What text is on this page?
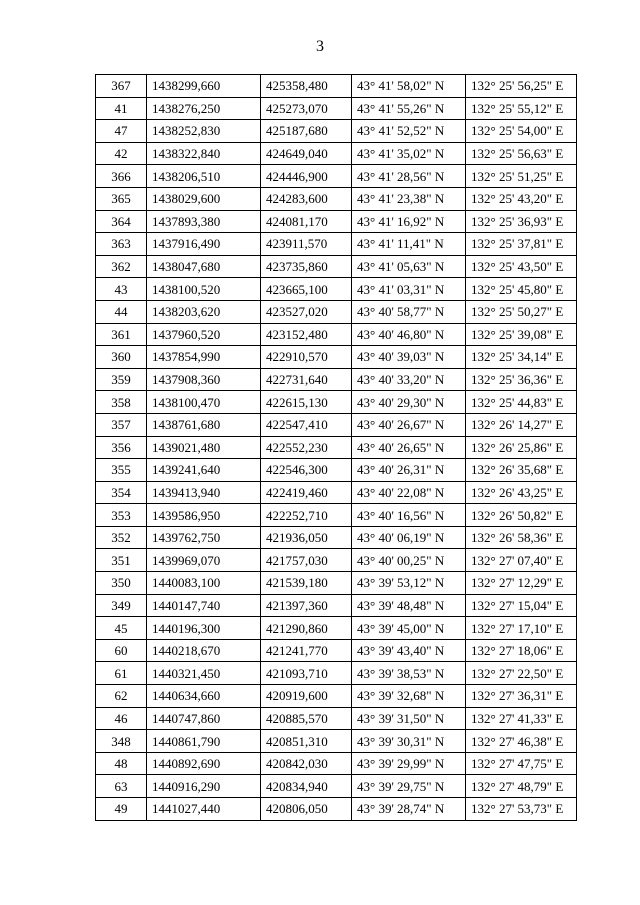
3
367	1438299,660	425358,480	43° 41' 58,02" N	132° 25' 56,25" E
41	1438276,250	425273,070	43° 41' 55,26" N	132° 25' 55,12" E
47	1438252,830	425187,680	43° 41' 52,52" N	132° 25' 54,00" E
42	1438322,840	424649,040	43° 41' 35,02" N	132° 25' 56,63" E
366	1438206,510	424446,900	43° 41' 28,56" N	132° 25' 51,25" E
365	1438029,600	424283,600	43° 41' 23,38" N	132° 25' 43,20" E
364	1437893,380	424081,170	43° 41' 16,92" N	132° 25' 36,93" E
363	1437916,490	423911,570	43° 41' 11,41" N	132° 25' 37,81" E
362	1438047,680	423735,860	43° 41' 05,63" N	132° 25' 43,50" E
43	1438100,520	423665,100	43° 41' 03,31" N	132° 25' 45,80" E
44	1438203,620	423527,020	43° 40' 58,77" N	132° 25' 50,27" E
361	1437960,520	423152,480	43° 40' 46,80" N	132° 25' 39,08" E
360	1437854,990	422910,570	43° 40' 39,03" N	132° 25' 34,14" E
359	1437908,360	422731,640	43° 40' 33,20" N	132° 25' 36,36" E
358	1438100,470	422615,130	43° 40' 29,30" N	132° 25' 44,83" E
357	1438761,680	422547,410	43° 40' 26,67" N	132° 26' 14,27" E
356	1439021,480	422552,230	43° 40' 26,65" N	132° 26' 25,86" E
355	1439241,640	422546,300	43° 40' 26,31" N	132° 26' 35,68" E
354	1439413,940	422419,460	43° 40' 22,08" N	132° 26' 43,25" E
353	1439586,950	422252,710	43° 40' 16,56" N	132° 26' 50,82" E
352	1439762,750	421936,050	43° 40' 06,19" N	132° 26' 58,36" E
351	1439969,070	421757,030	43° 40' 00,25" N	132° 27' 07,40" E
350	1440083,100	421539,180	43° 39' 53,12" N	132° 27' 12,29" E
349	1440147,740	421397,360	43° 39' 48,48" N	132° 27' 15,04" E
45	1440196,300	421290,860	43° 39' 45,00" N	132° 27' 17,10" E
60	1440218,670	421241,770	43° 39' 43,40" N	132° 27' 18,06" E
61	1440321,450	421093,710	43° 39' 38,53" N	132° 27' 22,50" E
62	1440634,660	420919,600	43° 39' 32,68" N	132° 27' 36,31" E
46	1440747,860	420885,570	43° 39' 31,50" N	132° 27' 41,33" E
348	1440861,790	420851,310	43° 39' 30,31" N	132° 27' 46,38" E
48	1440892,690	420842,030	43° 39' 29,99" N	132° 27' 47,75" E
63	1440916,290	420834,940	43° 39' 29,75" N	132° 27' 48,79" E
49	1441027,440	420806,050	43° 39' 28,74" N	132° 27' 53,73" E
